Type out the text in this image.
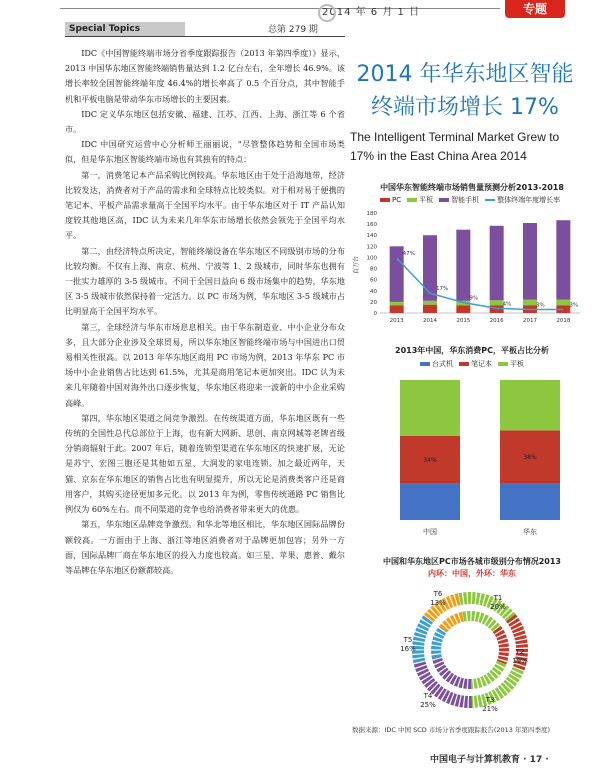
2014 年 6 月 1 日	专题
Special Topics	总第 279 期

IDC《中国智能终端市场分省季度跟踪报告（2013 年第四季度）》显示，2013 中国华东地区智能终端销售量达到 1.2 亿台左右，全年增长 46.9%。该增长率较全国智能终端年度 46.4%的增长率高了 0.5 个百分点，其中智能手机和平板电脑是带动华东市场增长的主要因素。

IDC 定义华东地区包括安徽、福建、江苏、江西、上海、浙江等 6 个省市。

IDC 中国研究运营中心分析师王丽丽说，"尽管整体趋势和全国市场类似，但是华东地区智能终端市场也有其独有的特点：

第一，消费笔记本产品采购比例较高。华东地区由于处于沿海地带，经济比较发达，消费者对于产品的需求和全球特点比较类似。对于相对易于便携的笔记本、平板产品需求量高于全国平均水平。由于华东地区对于 IT 产品认知度较其他地区高，IDC 认为未来几年华东市场增长依然会领先于全国平均水平。

第二，由经济特点所决定，智能终端设备在华东地区不同级别市场的分布比较均衡。不仅有上海、南京、杭州、宁波等 1、2 级城市，同时华东也拥有一批实力雄厚的 3-5 级城市。不同于全国日益向 6 级市场集中的趋势，华东地区 3-5 级城市依然保持着一定活力。以 PC 市场为例，华东地区 3-5 级城市占比明显高于全国平均水平。

第三，全球经济与华东市场息息相关。由于华东制造业、中小企业分布众多，且大部分企业涉及全球贸易，所以华东地区智能终端市场与中国进出口贸易相关性很高。以 2013 年华东地区商用 PC 市场为例，2013 年华东 PC 市场中小企业销售占比达到 61.5%，尤其是商用笔记本更加突出。IDC 认为未来几年随着中国对海外出口逐步恢复，华东地区将迎来一波新的中小企业采购高峰。

第四，华东地区渠道之间竞争激烈。在传统渠道方面，华东地区既有一些传统的全国性总代总部位于上海，也有新大网新、思创、南京网城等老牌省级分销商辐射于此。2007 年后，随着连锁型渠道在华东地区的快速扩展，无论是苏宁、宏图三胞还是其他如五星、大润发的家电连锁。加之最近两年，天猫、京东在华东地区的销售占比也有明显提升，所以无论是消费类客户还是商用客户，其购买途径更加多元化。以 2013 年为例，零售传统通路 PC 销售比例仅为 60%左右。而不同渠道的竞争也给消费者带来更大的优惠。

第五，华东地区品牌竞争激烈。和华北等地区相比，华东地区国际品牌份额较高。一方面由于上海、浙江等地区消费者对于品牌更加包容；另外一方面，国际品牌厂商在华东地区的投入力度也较高。如三星、苹果、惠普、戴尔等品牌在华东地区份额都较高。

2014 年华东地区智能终端市场增长 17%
The Intelligent Terminal Market Grew to 17% in the East China Area 2014
中国华东智能终端市场销售量预测分析2013-2018
PC	平板	智能手机	整体终端年度增长率
0
20
40
60
80
100
120
140
160
180
百万台
2013	2014	2015	2016	2017	2018
47%
17%
9%
4%	3%	3%
2013年中国，华东消费PC，平板占比分析
台式机	笔记本	平板
34%
中国
38%
华东
中国和华东地区PC市场各城市级别分布情况2013
内环：中国，外环：华东
T1 20%
T2 19%
T3 21%
T4 25%
T5 16%
T6 13%
数据来源：IDC 中国 SCD 市场分省季度跟踪报告(2013 年第四季度)
中国电子与计算机教育 · 17 ·
